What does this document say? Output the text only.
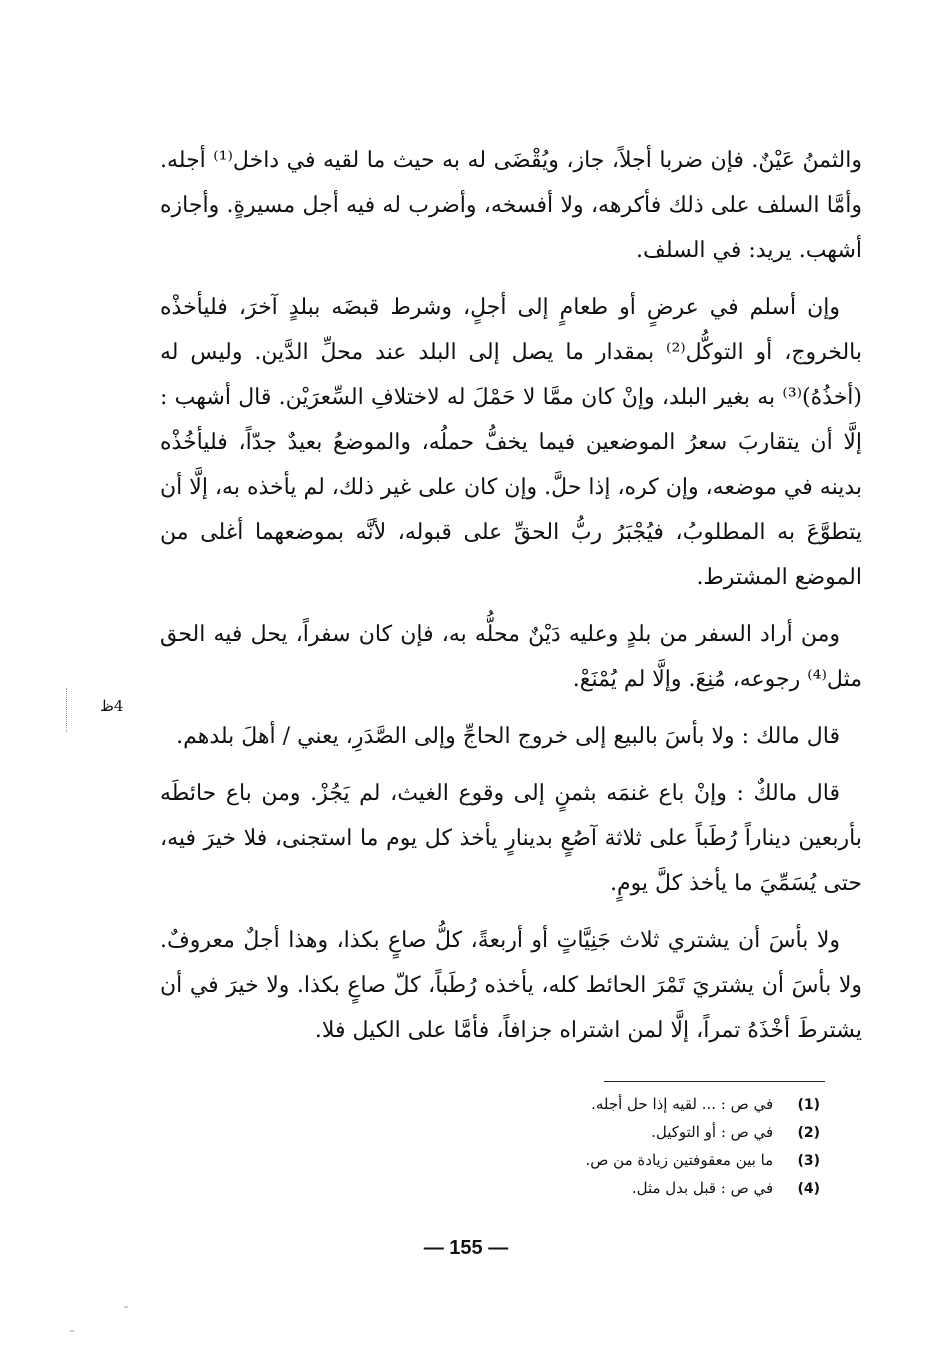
والثمنُ عَيْنٌ. فإن ضربا أجلاً، جاز، ويُقْضَى له به حيث ما لقيه في داخل⁽¹⁾ أجله. وأمَّا السلف على ذلك فأكرهه، ولا أفسخه، وأضرب له فيه أجل مسيرةٍ. وأجازه أشهب. يريد: في السلف.

وإن أسلم في عرضٍ أو طعامٍ إلى أجلٍ، وشرط قبضَه ببلدٍ آخرَ، فليأخذْه بالخروج، أو التوكُّل⁽²⁾ بمقدار ما يصل إلى البلد عند محلِّ الدَّين. وليس له (أخذُهُ)⁽³⁾ به بغير البلد، وإنْ كان ممَّا لا حَمْلَ له لاختلافِ السِّعرَيْن. قال أشهب : إلَّا أن يتقاربَ سعرُ الموضعين فيما يخفُّ حملُه، والموضعُ بعيدٌ جدّاً، فليأخُذْه بدينه في موضعه، وإن كره، إذا حلَّ. وإن كان على غير ذلك، لم يأخذه به، إلَّا أن يتطوَّعَ به المطلوبُ، فيُجْبَرُ ربُّ الحقِّ على قبوله، لأنَّه بموضعهما أغلى من الموضع المشترط.

ومن أراد السفر من بلدٍ وعليه دَيْنٌ محلُّه به، فإن كان سفراً، يحل فيه الحق مثل⁽⁴⁾ رجوعه، مُنِعَ. وإلَّا لم يُمْنَعْ.

قال مالك : ولا بأسَ بالبيع إلى خروج الحاجِّ وإلى الصَّدَرِ، يعني / أهلَ بلدهم.

قال مالكٌ : وإنْ باع غنمَه بثمنٍ إلى وقوع الغيث، لم يَجُزْ. ومن باع حائطَه بأربعين ديناراً رُطَباً على ثلاثة آصُعٍ بدينارٍ يأخذ كل يوم ما استجنى، فلا خيرَ فيه، حتى يُسَمِّيَ ما يأخذ كلَّ يومٍ.

ولا بأسَ أن يشتري ثلاث جَنِيَّاتٍ أو أربعةً، كلُّ صاعٍ بكذا، وهذا أجلٌ معروفٌ. ولا بأسَ أن يشتريَ تَمْرَ الحائط كله، يأخذه رُطَباً، كلّ صاعٍ بكذا. ولا خيرَ في أن يشترطَ أخْذَهُ تمراً، إلَّا لمن اشتراه جزافاً، فأمَّا على الكيل فلا.

4ظ
(1) في ص : ... لقيه إذا حل أجله.
(2) في ص : أو التوكيل.
(3) ما بين معقوفتين زيادة من ص.
(4) في ص : قبل بدل مثل.
— 155 —
